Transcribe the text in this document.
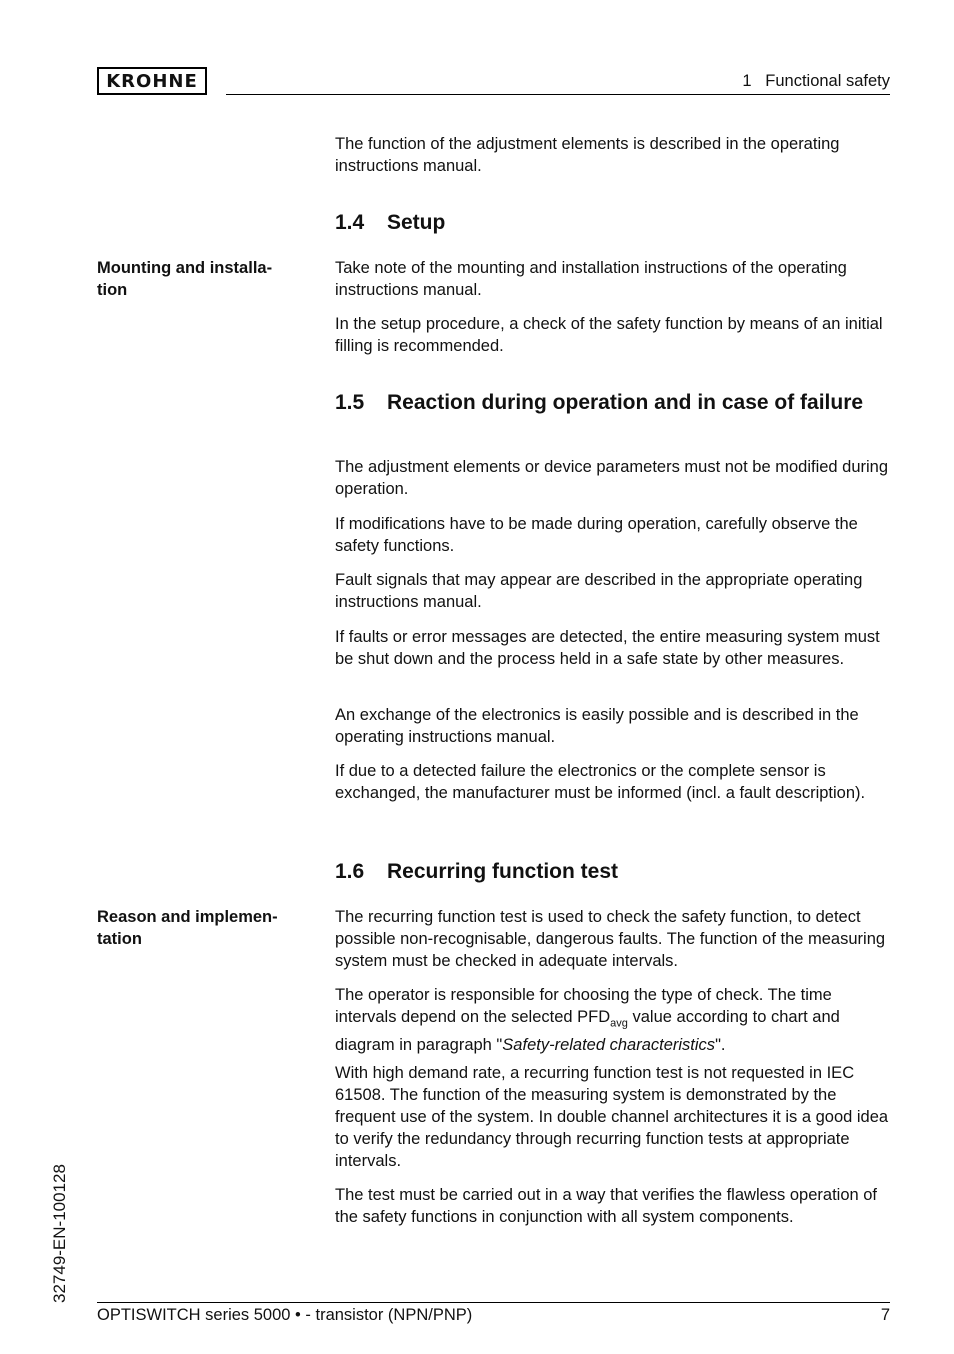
KROHNE	1   Functional safety

The function of the adjustment elements is described in the operating instructions manual.

1.4 Setup

Mounting and installa-
tion

Take note of the mounting and installation instructions of the operating instructions manual.

In the setup procedure, a check of the safety function by means of an initial filling is recommended.

1.5	Reaction during operation and in case of failure

The adjustment elements or device parameters must not be modified during operation.

If modifications have to be made during operation, carefully observe the safety functions.

Fault signals that may appear are described in the appropriate operating instructions manual.

If faults or error messages are detected, the entire measuring system must be shut down and the process held in a safe state by other measures.

An exchange of the electronics is easily possible and is described in the operating instructions manual.

If due to a detected failure the electronics or the complete sensor is exchanged, the manufacturer must be informed (incl. a fault description).

1.6 Recurring function test

Reason and implemen-
tation

The recurring function test is used to check the safety function, to detect possible non-recognisable, dangerous faults. The function of the measuring system must be checked in adequate intervals.

The operator is responsible for choosing the type of check. The time intervals depend on the selected $PFD_{avg}$ value according to chart and diagram in paragraph "Safety-related characteristics".

With high demand rate, a recurring function test is not requested in IEC 61508. The function of the measuring system is demonstrated by the frequent use of the system. In double channel architectures it is a good idea to verify the redundancy through recurring function tests at appropriate intervals.

The test must be carried out in a way that verifies the flawless operation of the safety functions in conjunction with all system components.

32749-EN-100128
OPTISWITCH series 5000 • - transistor (NPN/PNP)	7
